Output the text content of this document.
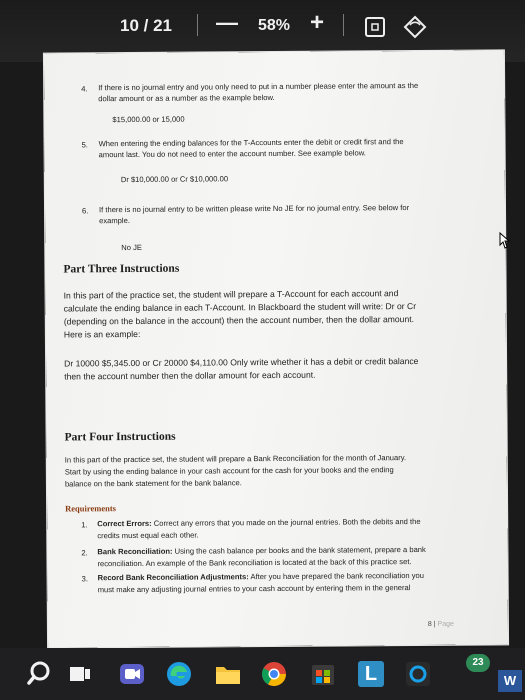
10 / 21 — 58% +
4. If there is no journal entry and you only need to put in a number please enter the amount as the
dollar amount or as a number as the example below.
$15,000.00 or 15,000
5. When entering the ending balances for the T-Accounts enter the debit or credit first and the
amount last. You do not need to enter the account number. See example below.
Dr $10,000.00 or Cr $10,000.00
6. If there is no journal entry to be written please write No JE for no journal entry. See below for
example.
No JE
Part Three Instructions
In this part of the practice set, the student will prepare a T-Account for each account and
calculate the ending balance in each T-Account. In Blackboard the student will write: Dr or Cr
(depending on the balance in the account) then the account number, then the dollar amount.
Here is an example:
Dr 10000 $5,345.00 or Cr 20000 $4,110.00 Only write whether it has a debit or credit balance
then the account number then the dollar amount for each account.
Part Four Instructions
In this part of the practice set, the student will prepare a Bank Reconciliation for the month of January.
Start by using the ending balance in your cash account for the cash for your books and the ending
balance on the bank statement for the bank balance.
Requirements
1. Correct Errors: Correct any errors that you made on the journal entries. Both the debits and the
credits must equal each other.
2. Bank Reconciliation: Using the cash balance per books and the bank statement, prepare a bank
reconciliation. An example of the Bank reconciliation is located at the back of this practice set.
3. Record Bank Reconciliation Adjustments: After you have prepared the bank reconciliation you
must make any adjusting journal entries to your cash account by entering them in the general
8 | Page
L
23
W
